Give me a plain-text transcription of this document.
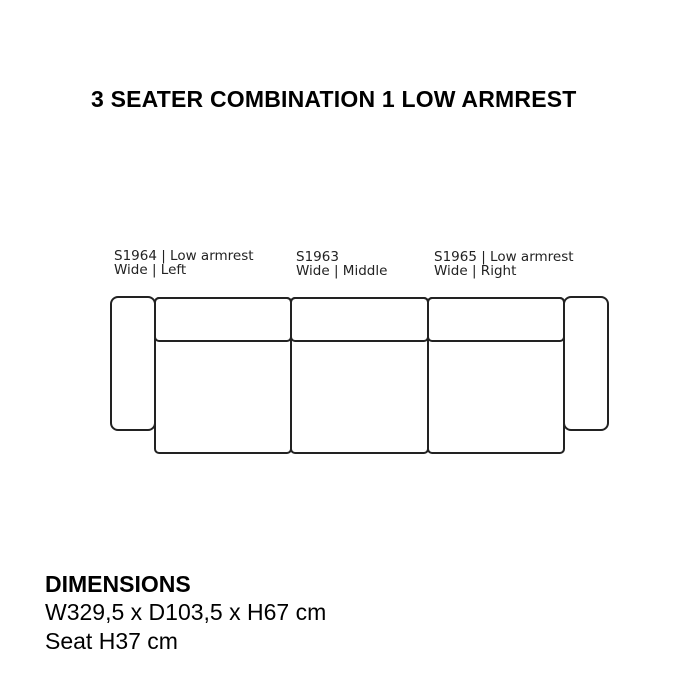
3 SEATER COMBINATION 1 LOW ARMREST
S1964 | Low armrest
Wide | Left
S1963
Wide | Middle
S1965 | Low armrest
Wide | Right
DIMENSIONS
W329,5 x D103,5 x H67 cm
Seat H37 cm
